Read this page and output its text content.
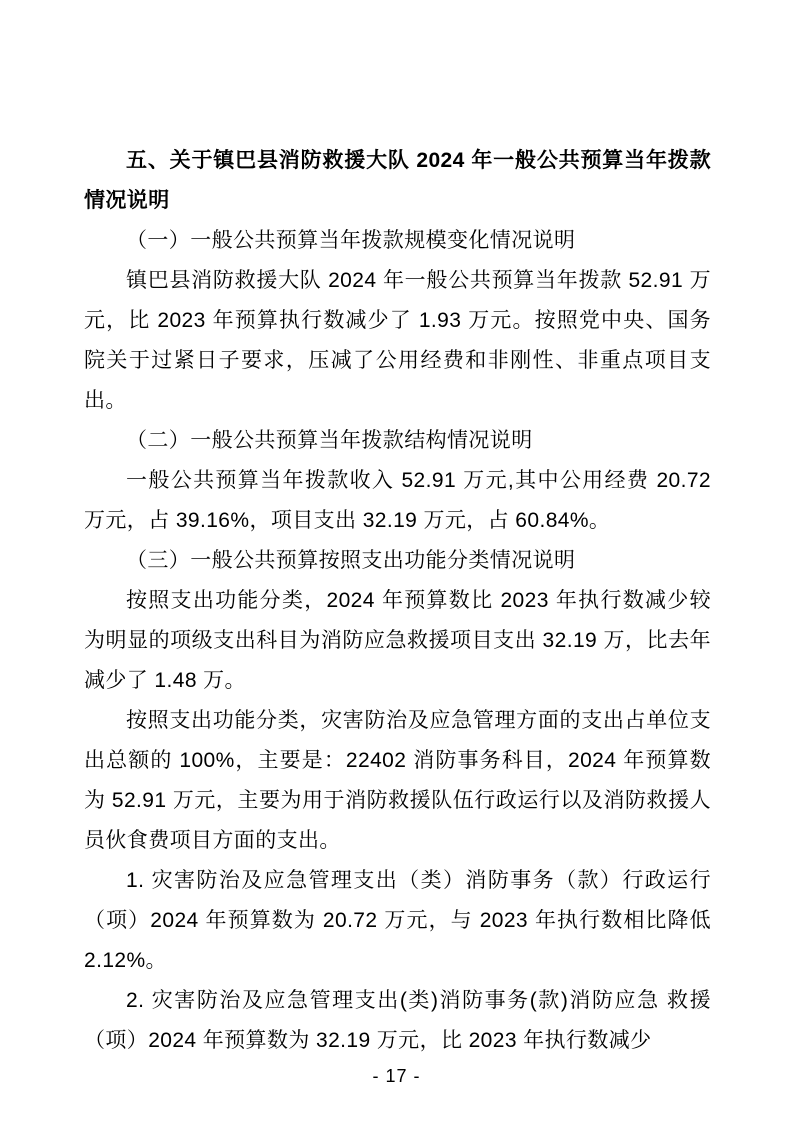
五、关于镇巴县消防救援大队 2024 年一般公共预算当年拨款情况说明

（一）一般公共预算当年拨款规模变化情况说明

镇巴县消防救援大队 2024 年一般公共预算当年拨款 52.91 万元，比 2023 年预算执行数减少了 1.93 万元。按照党中央、国务院关于过紧日子要求，压减了公用经费和非刚性、非重点项目支出。

（二）一般公共预算当年拨款结构情况说明

一般公共预算当年拨款收入 52.91 万元,其中公用经费 20.72 万元，占 39.16%，项目支出 32.19 万元，占 60.84%。

（三）一般公共预算按照支出功能分类情况说明

按照支出功能分类，2024 年预算数比 2023 年执行数减少较为明显的项级支出科目为消防应急救援项目支出 32.19 万，比去年减少了 1.48 万。

按照支出功能分类，灾害防治及应急管理方面的支出占单位支出总额的 100%，主要是：22402 消防事务科目，2024 年预算数为 52.91 万元，主要为用于消防救援队伍行政运行以及消防救援人员伙食费项目方面的支出。

1. 灾害防治及应急管理支出（类）消防事务（款）行政运行（项）2024 年预算数为 20.72 万元，与 2023 年执行数相比降低 2.12%。

2. 灾害防治及应急管理支出(类)消防事务(款)消防应急 救援（项）2024 年预算数为 32.19 万元，比 2023 年执行数减少

- 17 -
